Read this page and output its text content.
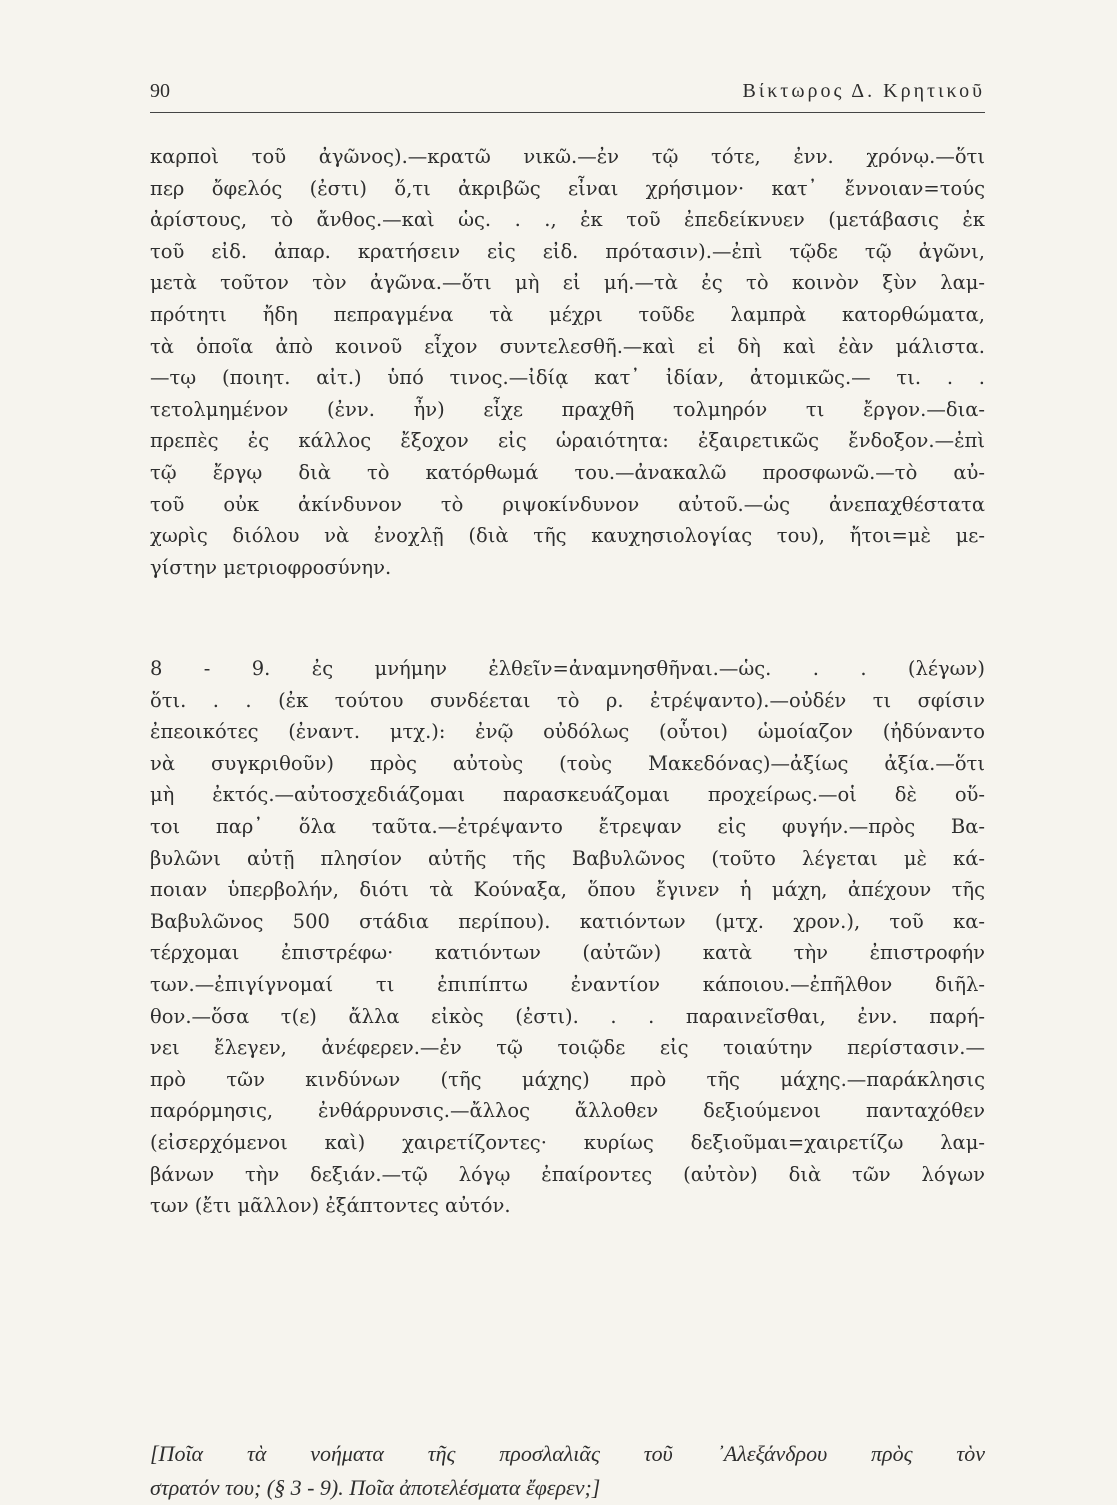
90	Βίκτωρος Δ. Κρητικοῦ
καρποὶ τοῦ ἀγῶνος).—κρατῶ νικῶ.—ἐν τῷ τότε, ἐνν. χρόνῳ.—ὅτι
περ ὄφελός (ἐστι) ὅ,τι ἀκριβῶς εἶναι χρήσιμον· κατ᾽ ἔννοιαν=τούς
ἀρίστους, τὸ ἄνθος.—καὶ ὡς. . ., ἐκ τοῦ ἐπεδείκνυεν (μετάβασις ἐκ
τοῦ εἰδ. ἀπαρ. κρατήσειν εἰς εἰδ. πρότασιν).—ἐπὶ τῷδε τῷ ἀγῶνι,
μετὰ τοῦτον τὸν ἀγῶνα.—ὅτι μὴ εἰ μή.—τὰ ἐς τὸ κοινὸν ξὺν λαμ-
πρότητι ἤδη πεπραγμένα τὰ μέχρι τοῦδε λαμπρὰ κατορθώματα,
τὰ ὁποῖα ἀπὸ κοινοῦ εἶχον συντελεσθῆ.—καὶ εἰ δὴ καὶ ἐὰν μάλιστα.
—τῳ (ποιητ. αἰτ.) ὑπό τινος.—ἰδίᾳ κατ᾽ ἰδίαν, ἀτομικῶς.— τι. . .
τετολμημένον (ἐνν. ἦν) εἶχε πραχθῆ τολμηρόν τι ἔργον.—δια-
πρεπὲς ἐς κάλλος ἔξοχον εἰς ὡραιότητα: ἐξαιρετικῶς ἔνδοξον.—ἐπὶ
τῷ ἔργῳ διὰ τὸ κατόρθωμά του.—ἀνακαλῶ προσφωνῶ.—τὸ αὐ-
τοῦ οὐκ ἀκίνδυνον τὸ ριψοκίνδυνον αὐτοῦ.—ὡς ἀνεπαχθέστατα
χωρὶς διόλου νὰ ἐνοχλῇ (διὰ τῆς καυχησιολογίας του), ἤτοι=μὲ με-
γίστην μετριοφροσύνην.
8 - 9. ἐς μνήμην ἐλθεῖν=ἀναμνησθῆναι.—ὡς. . . (λέγων)
ὅτι. . . (ἐκ τούτου συνδέεται τὸ ρ. ἐτρέψαντο).—οὐδέν τι σφίσιν
ἐπεοικότες (ἐναντ. μτχ.): ἐνῷ οὐδόλως (οὗτοι) ὡμοίαζον (ἠδύναντο
νὰ συγκριθοῦν) πρὸς αὐτοὺς (τοὺς Μακεδόνας)—ἀξίως ἀξία.—ὅτι
μὴ ἐκτός.—αὐτοσχεδιάζομαι παρασκευάζομαι προχείρως.—οἱ δὲ οὕ-
τοι παρ᾽ ὅλα ταῦτα.—ἐτρέψαντο ἔτρεψαν εἰς φυγήν.—πρὸς Βα-
βυλῶνι αὐτῇ πλησίον αὐτῆς τῆς Βαβυλῶνος (τοῦτο λέγεται μὲ κά-
ποιαν ὑπερβολήν, διότι τὰ Κούναξα, ὅπου ἔγινεν ἡ μάχη, ἀπέχουν τῆς
Βαβυλῶνος 500 στάδια περίπου). κατιόντων (μτχ. χρον.), τοῦ κα-
τέρχομαι ἐπιστρέφω· κατιόντων (αὐτῶν) κατὰ τὴν ἐπιστροφήν
των.—ἐπιγίγνομαί τι ἐπιπίπτω ἐναντίον κάποιου.—ἐπῆλθον διῆλ-
θον.—ὅσα τ(ε) ἄλλα εἰκὸς (ἐστι). . . παραινεῖσθαι, ἐνν. παρή-
νει ἔλεγεν, ἀνέφερεν.—ἐν τῷ τοιῷδε εἰς τοιαύτην περίστασιν.—
πρὸ τῶν κινδύνων (τῆς μάχης) πρὸ τῆς μάχης.—παράκλησις
παρόρμησις, ἐνθάρρυνσις.—ἄλλος ἄλλοθεν δεξιούμενοι πανταχόθεν
(εἰσερχόμενοι καὶ) χαιρετίζοντες· κυρίως δεξιοῦμαι=χαιρετίζω λαμ-
βάνων τὴν δεξιάν.—τῷ λόγῳ ἐπαίροντες (αὐτὸν) διὰ τῶν λόγων
των (ἔτι μᾶλλον) ἐξάπτοντες αὐτόν.
[Ποῖα τὰ νοήματα τῆς προσλαλιᾶς τοῦ ᾽Αλεξάνδρου πρὸς τὸν
στρατόν του; (§ 3 - 9). Ποῖα ἀποτελέσματα ἔφερεν;]
